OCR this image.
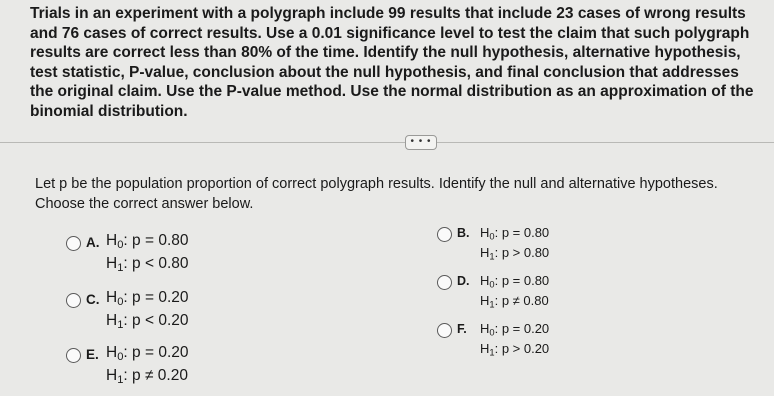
Trials in an experiment with a polygraph include 99 results that include 23 cases of wrong results and 76 cases of correct results. Use a 0.01 significance level to test the claim that such polygraph results are correct less than 80% of the time. Identify the null hypothesis, alternative hypothesis, test statistic, P-value, conclusion about the null hypothesis, and final conclusion that addresses the original claim. Use the P-value method. Use the normal distribution as an approximation of the binomial distribution.

• • •

Let p be the population proportion of correct polygraph results. Identify the null and alternative hypotheses. Choose the correct answer below.

A. $H_0$: p = 0.80
$H_1$: p < 0.80
B. $H_0$: p = 0.80
$H_1$: p > 0.80
C. $H_0$: p = 0.20
$H_1$: p < 0.20
D. $H_0$: p = 0.80
$H_1$: p ≠ 0.80
E. $H_0$: p = 0.20
$H_1$: p ≠ 0.20
F. $H_0$: p = 0.20
$H_1$: p > 0.20
